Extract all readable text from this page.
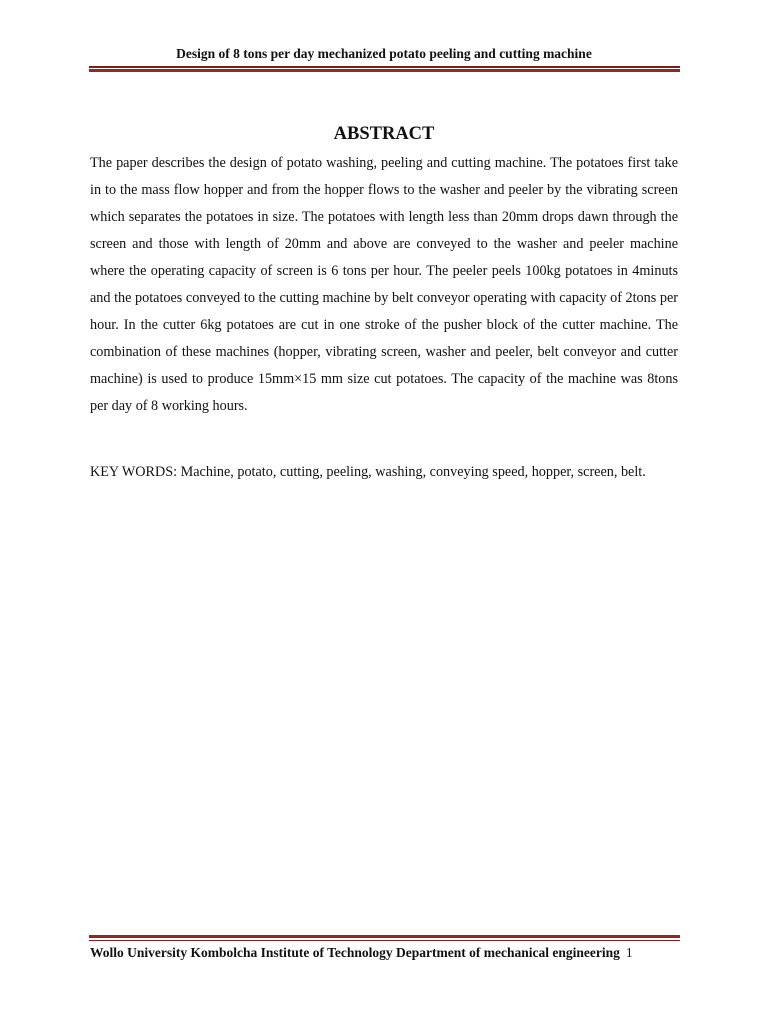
Design of 8 tons per day mechanized potato peeling and cutting machine
ABSTRACT

The paper describes the design of potato washing, peeling and cutting machine. The potatoes first take in to the mass flow hopper and from the hopper flows to the washer and peeler by the vibrating screen which separates the potatoes in size. The potatoes with length less than 20mm drops dawn through the screen and those with length of 20mm and above are conveyed to the washer and peeler machine where the operating capacity of screen is 6 tons per hour. The peeler peels 100kg potatoes in 4minuts and the potatoes conveyed to the cutting machine by belt conveyor operating with capacity of 2tons per hour. In the cutter 6kg potatoes are cut in one stroke of the pusher block of the cutter machine. The combination of these machines (hopper, vibrating screen, washer and peeler, belt conveyor and cutter machine) is used to produce 15mm×15 mm size cut potatoes. The capacity of the machine was 8tons per day of 8 working hours.

KEY WORDS: Machine, potato, cutting, peeling, washing, conveying speed, hopper, screen, belt.

Wollo University Kombolcha Institute of Technology Department of mechanical engineering 1
